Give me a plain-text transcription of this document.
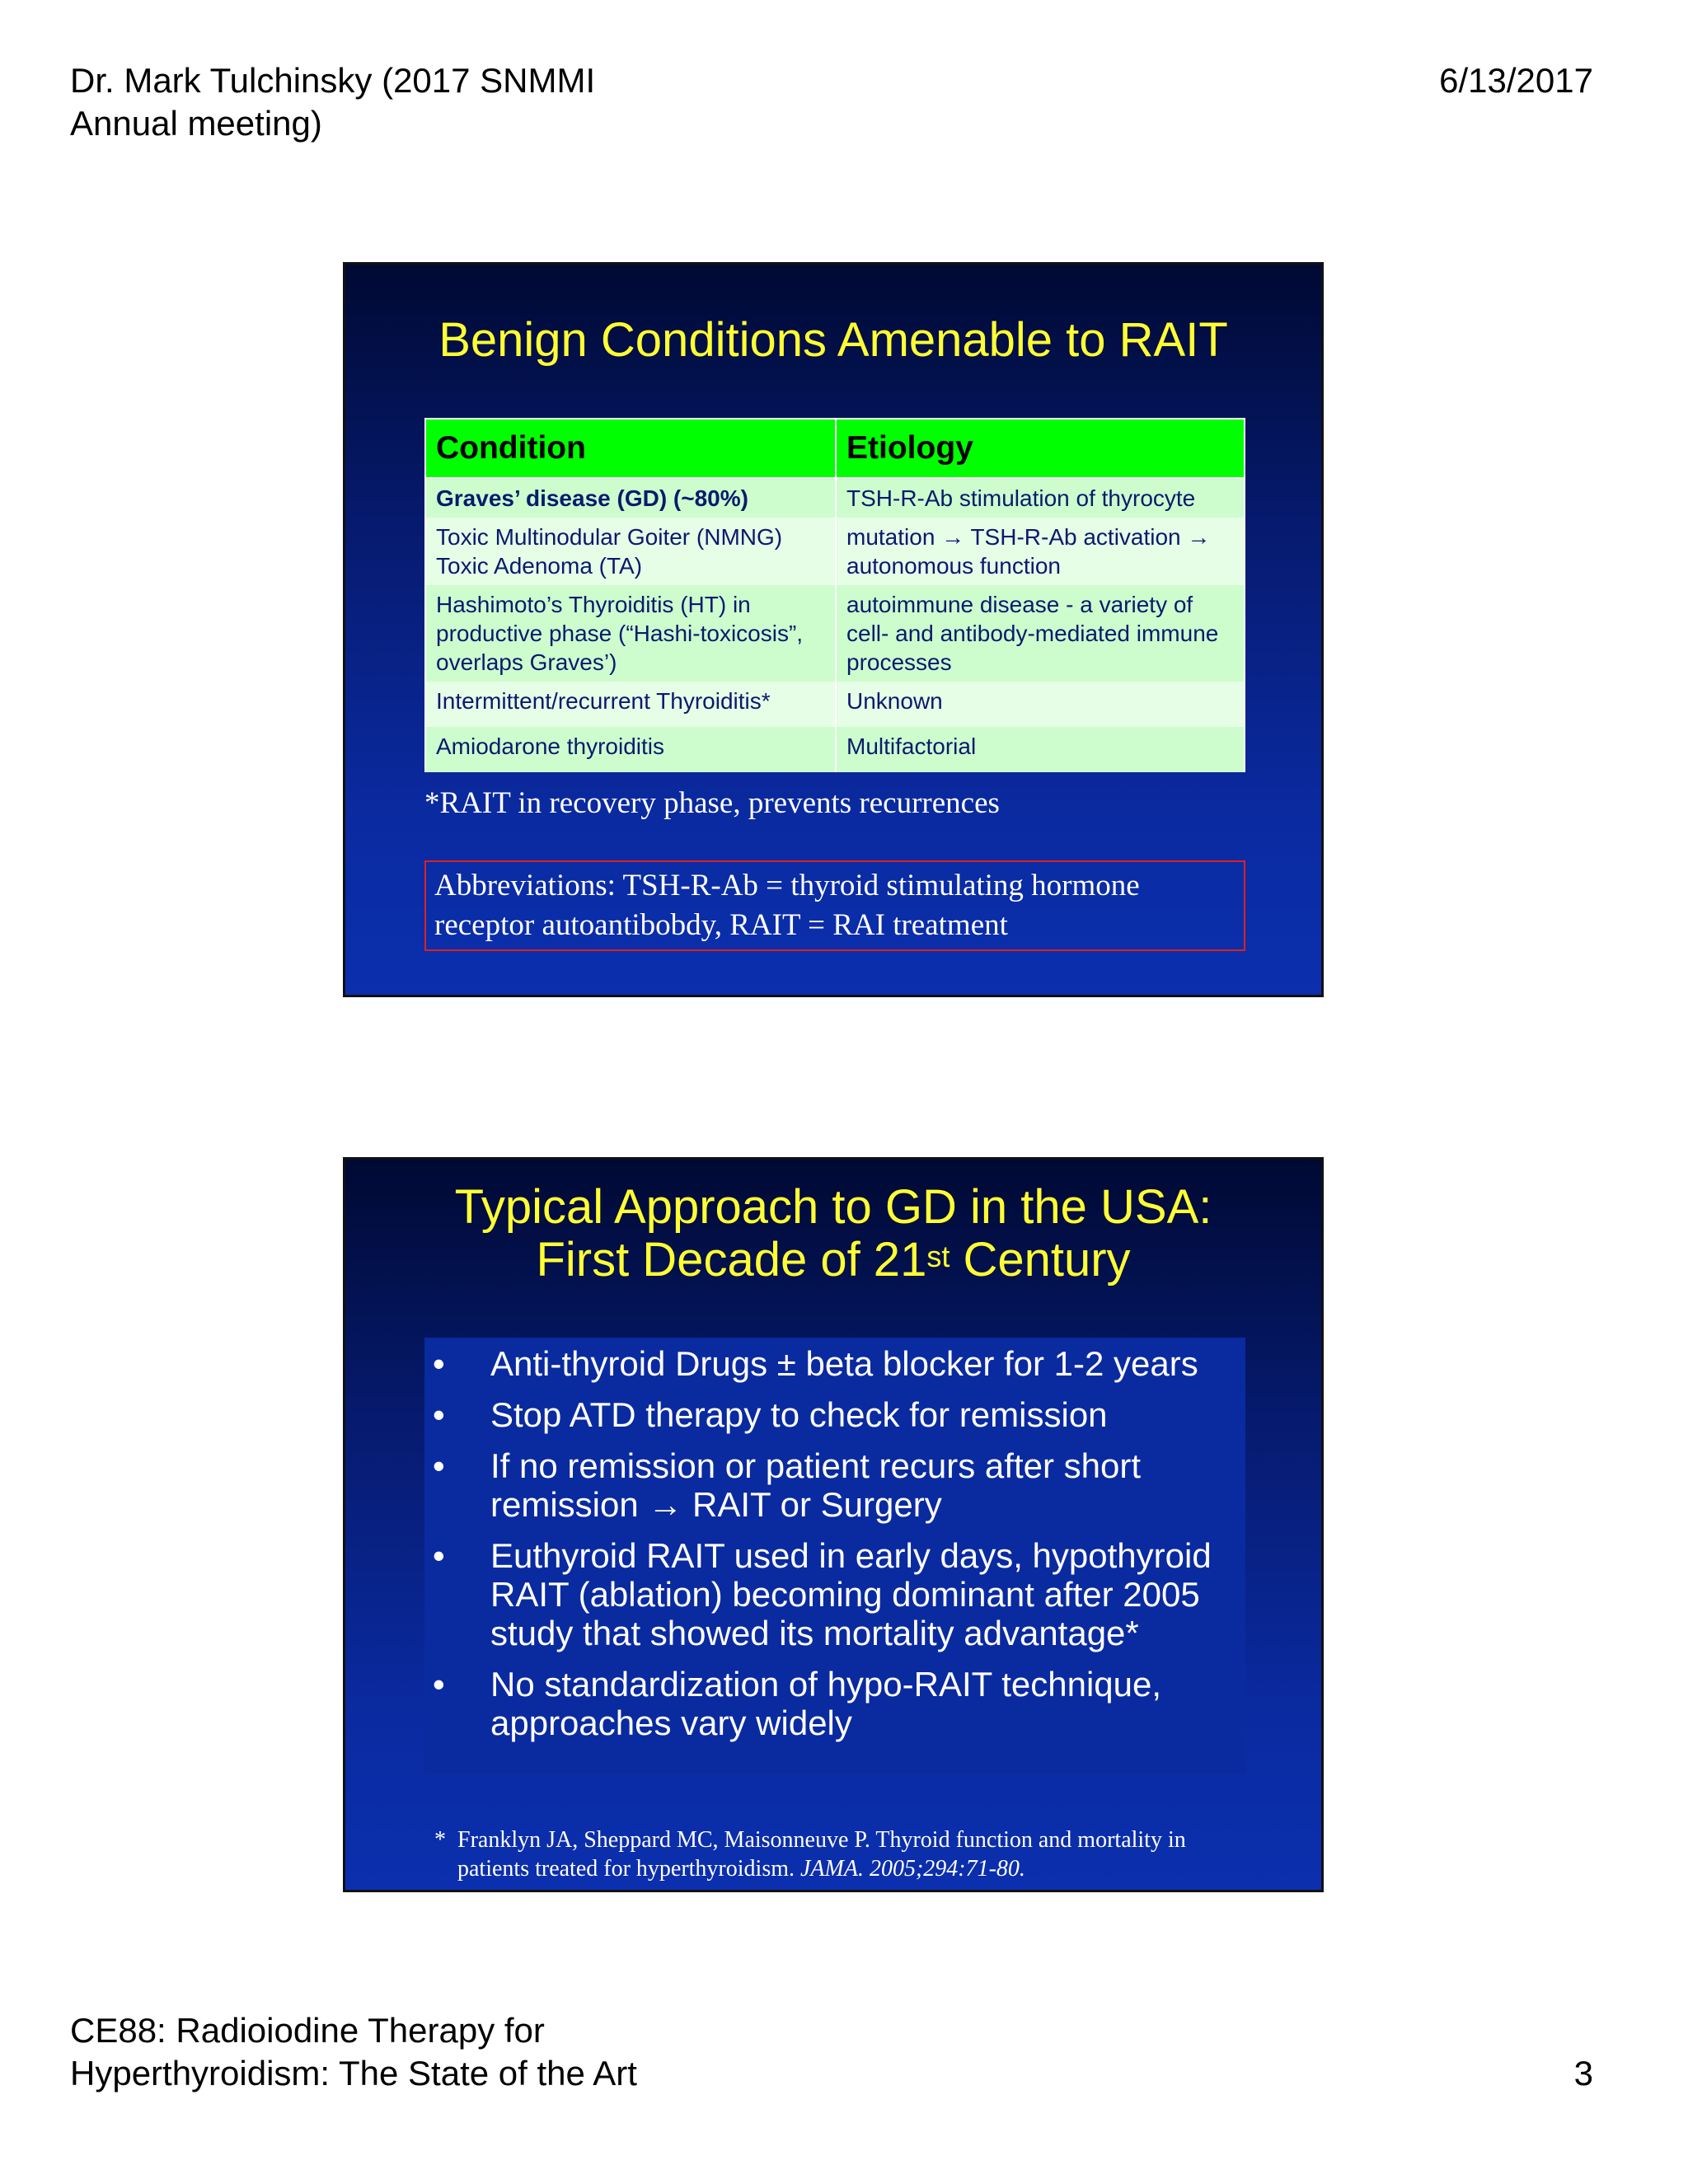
Dr. Mark Tulchinsky (2017 SNMMI
Annual meeting)
6/13/2017
Benign Conditions Amenable to RAIT
Condition	Etiology
Graves’ disease (GD) (~80%)	TSH-R-Ab stimulation of thyrocyte
Toxic Multinodular Goiter (NMNG) Toxic Adenoma (TA)	mutation → TSH-R-Ab activation → autonomous function
Hashimoto’s Thyroiditis (HT) in productive phase (“Hashi-toxicosis”, overlaps Graves’)	autoimmune disease - a variety of cell- and antibody-mediated immune processes
Intermittent/recurrent Thyroiditis*	Unknown
Amiodarone thyroiditis	Multifactorial
*RAIT in recovery phase, prevents recurrences
Abbreviations: TSH-R-Ab = thyroid stimulating hormone receptor autoantibobdy, RAIT = RAI treatment
Typical Approach to GD in the USA:
First Decade of 21st Century
• Anti-thyroid Drugs ± beta blocker for 1-2 years
• Stop ATD therapy to check for remission
• If no remission or patient recurs after short remission → RAIT or Surgery
• Euthyroid RAIT used in early days, hypothyroid RAIT (ablation) becoming dominant after 2005 study that showed its mortality advantage*
• No standardization of hypo-RAIT technique, approaches vary widely
* Franklyn JA, Sheppard MC, Maisonneuve P. Thyroid function and mortality in patients treated for hyperthyroidism. JAMA. 2005;294:71-80.
CE88: Radioiodine Therapy for
Hyperthyroidism: The State of the Art	3
